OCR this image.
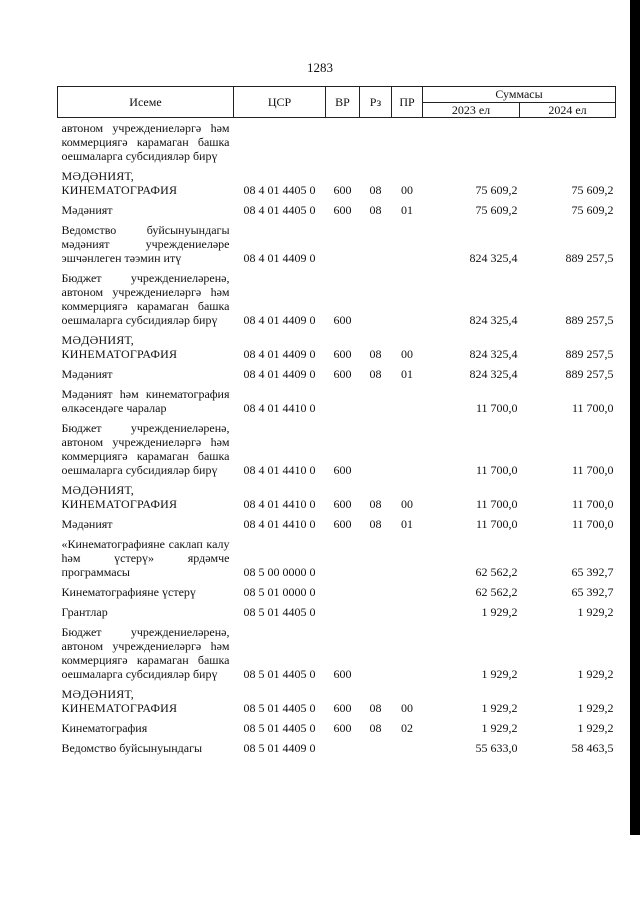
1283
Исеме	ЦСР	ВР	Рз	ПР	Суммасы	
					2023 ел	2024 ел
автоном учреждениеләргә һәм коммерциягә карамаган башка оешмаларга субсидияләр бирү						
МӘДӘНИЯТ, КИНЕМАТОГРАФИЯ	08 4 01 4405 0	600	08	00	75 609,2	75 609,2
Мәдәният	08 4 01 4405 0	600	08	01	75 609,2	75 609,2
Ведомство буйсынуындагы мәдәният учреждениеләре эшчәнлеген тәэмин итү	08 4 01 4409 0				824 325,4	889 257,5
Бюджет учреждениеләренә, автоном учреждениеләргә һәм коммерциягә карамаган башка оешмаларга субсидияләр бирү	08 4 01 4409 0	600			824 325,4	889 257,5
МӘДӘНИЯТ, КИНЕМАТОГРАФИЯ	08 4 01 4409 0	600	08	00	824 325,4	889 257,5
Мәдәният	08 4 01 4409 0	600	08	01	824 325,4	889 257,5
Мәдәният һәм кинематография өлкәсендәге чаралар	08 4 01 4410 0				11 700,0	11 700,0
Бюджет учреждениеләренә, автоном учреждениеләргә һәм коммерциягә карамаган башка оешмаларга субсидияләр бирү	08 4 01 4410 0	600			11 700,0	11 700,0
МӘДӘНИЯТ, КИНЕМАТОГРАФИЯ	08 4 01 4410 0	600	08	00	11 700,0	11 700,0
Мәдәният	08 4 01 4410 0	600	08	01	11 700,0	11 700,0
«Кинематографияне саклап калу һәм үстерү» ярдәмче программасы	08 5 00 0000 0				62 562,2	65 392,7
Кинематографияне үстерү	08 5 01 0000 0				62 562,2	65 392,7
Грантлар	08 5 01 4405 0				1 929,2	1 929,2
Бюджет учреждениеләренә, автоном учреждениеләргә һәм коммерциягә карамаган башка оешмаларга субсидияләр бирү	08 5 01 4405 0	600			1 929,2	1 929,2
МӘДӘНИЯТ, КИНЕМАТОГРАФИЯ	08 5 01 4405 0	600	08	00	1 929,2	1 929,2
Кинематография	08 5 01 4405 0	600	08	02	1 929,2	1 929,2
Ведомство буйсынуындагы	08 5 01 4409 0				55 633,0	58 463,5
